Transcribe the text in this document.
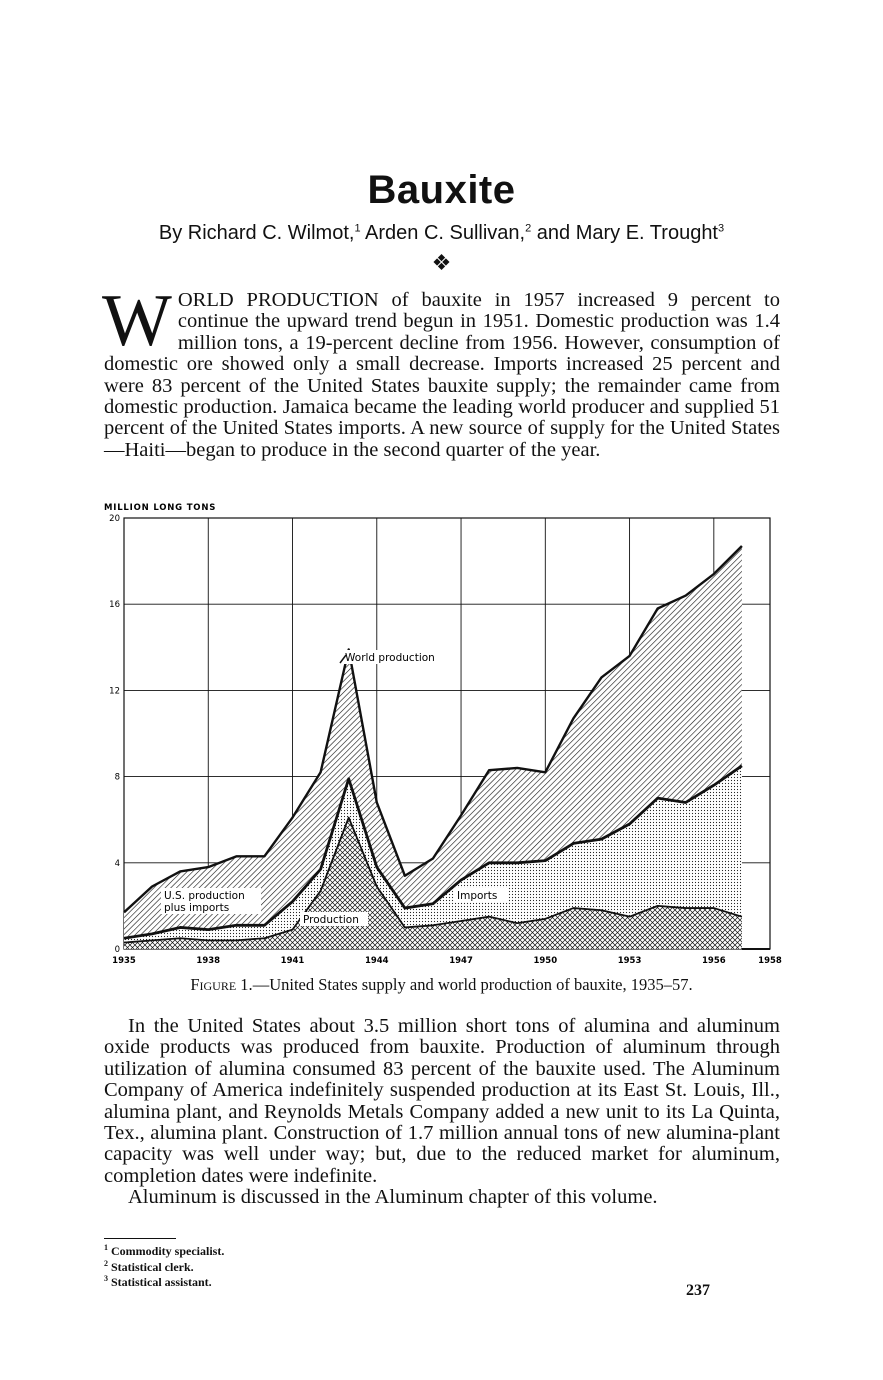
Bauxite
By Richard C. Wilmot,$^1$ Arden C. Sullivan,$^2$ and Mary E. Trought$^3$
❖
WORLD PRODUCTION of bauxite in 1957 increased 9 percent to continue the upward trend begun in 1951. Domestic production was 1.4 million tons, a 19-percent decline from 1956. However, consumption of domestic ore showed only a small decrease. Imports increased 25 percent and were 83 percent of the United States bauxite supply; the remainder came from domestic production. Jamaica became the leading world producer and supplied 51 percent of the United States imports. A new source of supply for the United States—Haiti—began to produce in the second quarter of the year.
MILLION LONG TONS
1935	1938	1941	1944	1947	1950	1953	1956	1958
0
4
8
12
16
20
World production
U.S. production
plus imports
Imports
Production
Figure 1.—United States supply and world production of bauxite, 1935–57.

In the United States about 3.5 million short tons of alumina and aluminum oxide products was produced from bauxite. Production of aluminum through utilization of alumina consumed 83 percent of the bauxite used. The Aluminum Company of America indefinitely suspended production at its East St. Louis, Ill., alumina plant, and Reynolds Metals Company added a new unit to its La Quinta, Tex., alumina plant. Construction of 1.7 million annual tons of new alumina-plant capacity was well under way; but, due to the reduced market for aluminum, completion dates were indefinite.

Aluminum is discussed in the Aluminum chapter of this volume.

$^1$ Commodity specialist.
$^2$ Statistical clerk.
$^3$ Statistical assistant.	237
